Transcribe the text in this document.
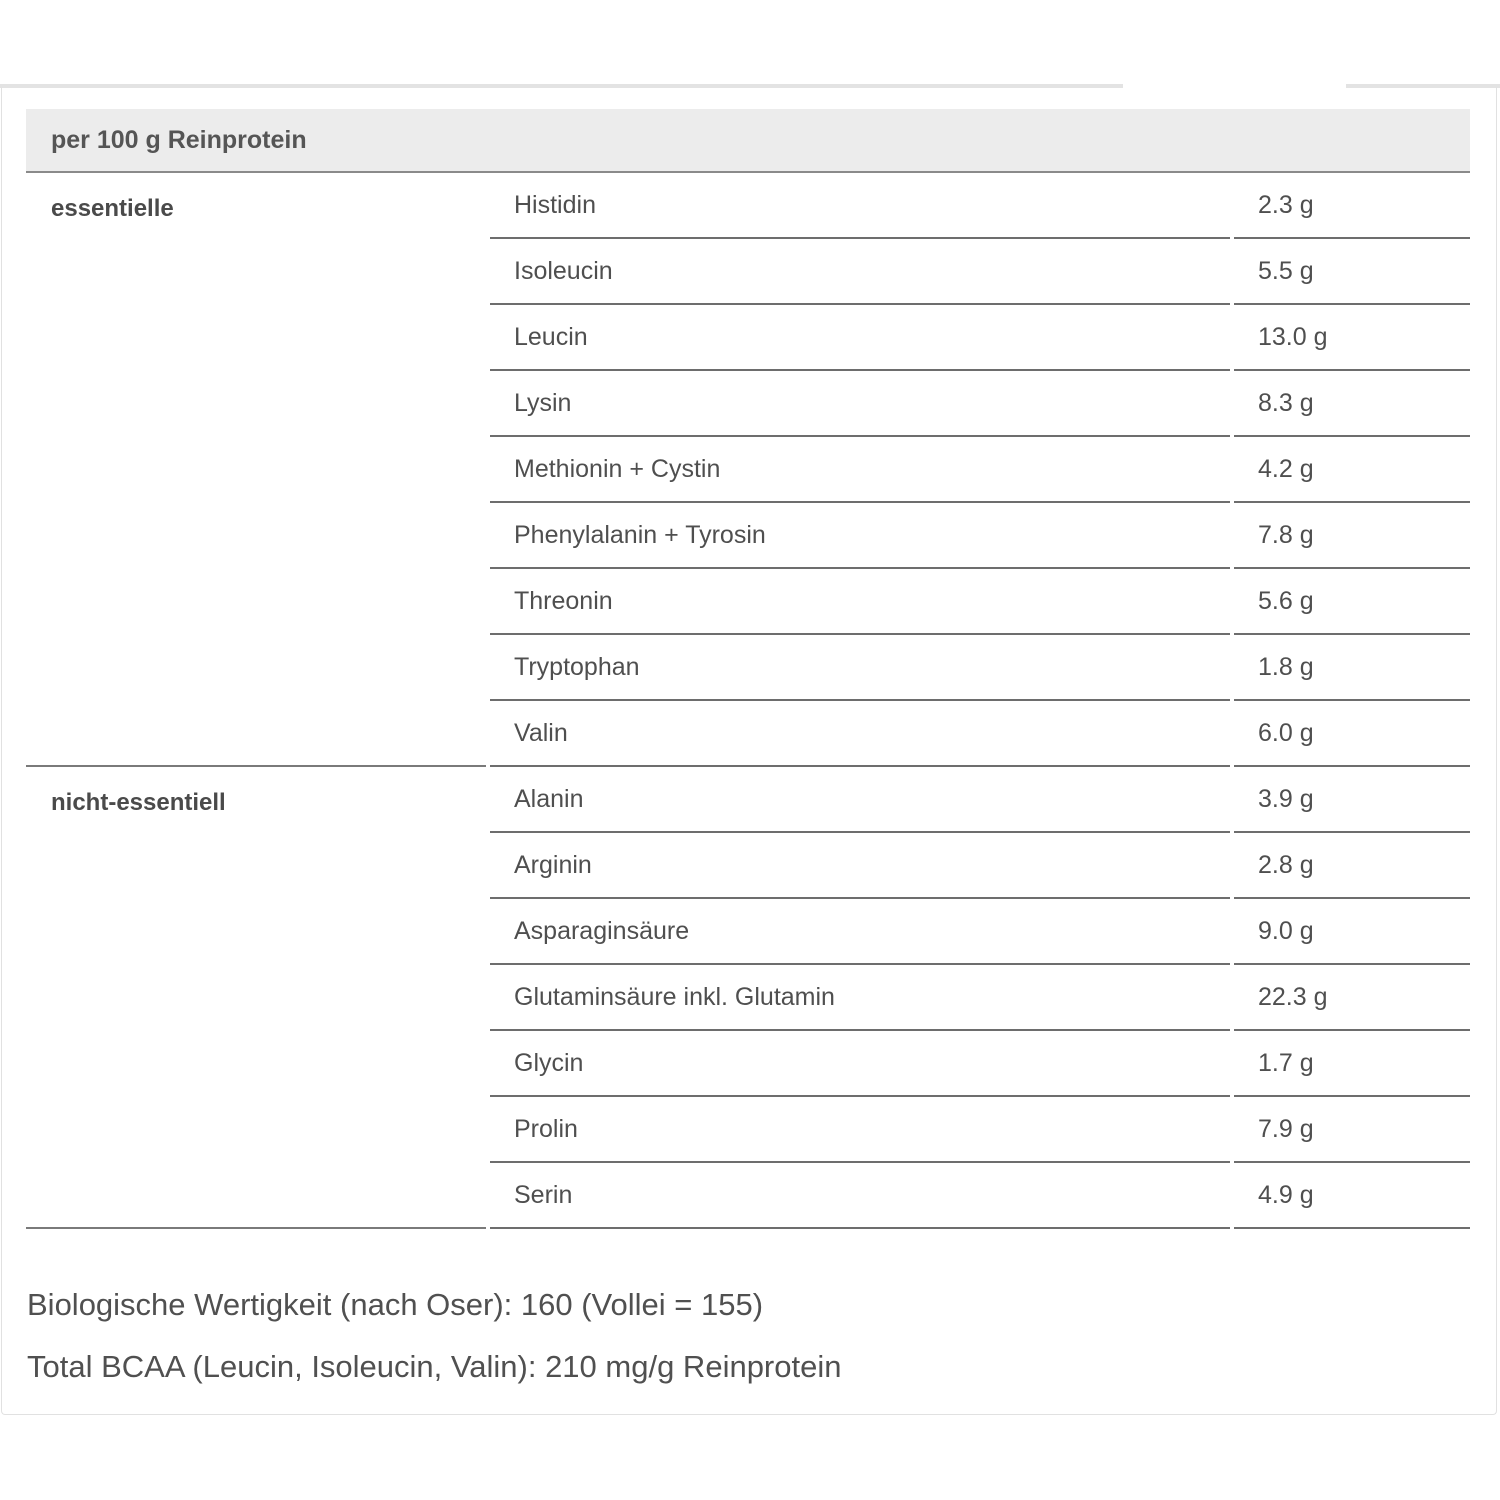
per 100 g Reinprotein
essentielle	Histidin	2.3 g
Isoleucin	5.5 g
Leucin	13.0 g
Lysin	8.3 g
Methionin + Cystin	4.2 g
Phenylalanin + Tyrosin	7.8 g
Threonin	5.6 g
Tryptophan	1.8 g
Valin	6.0 g
nicht-essentiell	Alanin	3.9 g
Arginin	2.8 g
Asparaginsäure	9.0 g
Glutaminsäure inkl. Glutamin	22.3 g
Glycin	1.7 g
Prolin	7.9 g
Serin	4.9 g
Biologische Wertigkeit (nach Oser): 160 (Vollei = 155)
Total BCAA (Leucin, Isoleucin, Valin): 210 mg/g Reinprotein
